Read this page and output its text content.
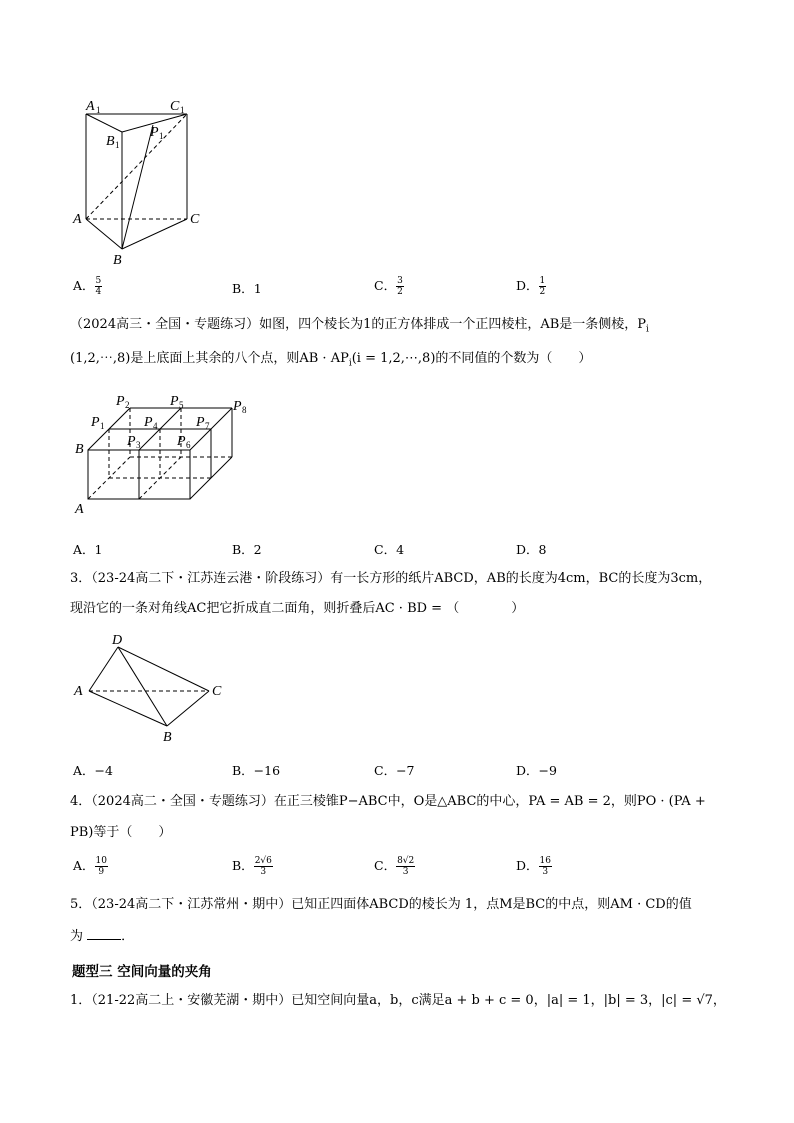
A 1	C 1
B 1
P 1
A	C
B
A． $\frac{5}{4}$	B．1	C． $\frac{3}{2}$	D． $\frac{1}{2}$
（2024高三・全国・专题练习）如图，四个棱长为1的正方体排成一个正四棱柱，AB是一条侧棱，$P_i$
(1,2,⋯,8)是上底面上其余的八个点，则AB · $AP_i(i$ = 1,2,⋯,8)的不同值的个数为（　　）
P 2	P 5	P 8
P 1	P 4	P 7
P 3	P 6
B
A
A．1	B．2	C．4	D．8
3．（23-24高二下・江苏连云港・阶段练习）有一长方形的纸片ABCD，AB的长度为4cm，BC的长度为3cm，
现沿它的一条对角线AC把它折成直二面角，则折叠后AC · BD = （　　　　）
D
A	C
B
A．−4	B．−16	C．−7	D．−9
4．（2024高二・全国・专题练习）在正三棱锥P−ABC中，O是△ABC的中心，PA = AB = 2，则PO · (PA +
PB)等于（　　）
A． $\frac{10}{9}$	B． $\frac{2√6}{3}$	C． $\frac{8√2}{3}$	D． $\frac{16}{3}$
5．（23-24高二下・江苏常州・期中）已知正四面体ABCD的棱长为 1，点M是BC的中点，则AM · CD的值
为	．
题型三 空间向量的夹角
1．（21-22高二上・安徽芜湖・期中）已知空间向量a，b，c满足a + b + c = 0，|a| = 1，|b| = 3，|c| = √7，
